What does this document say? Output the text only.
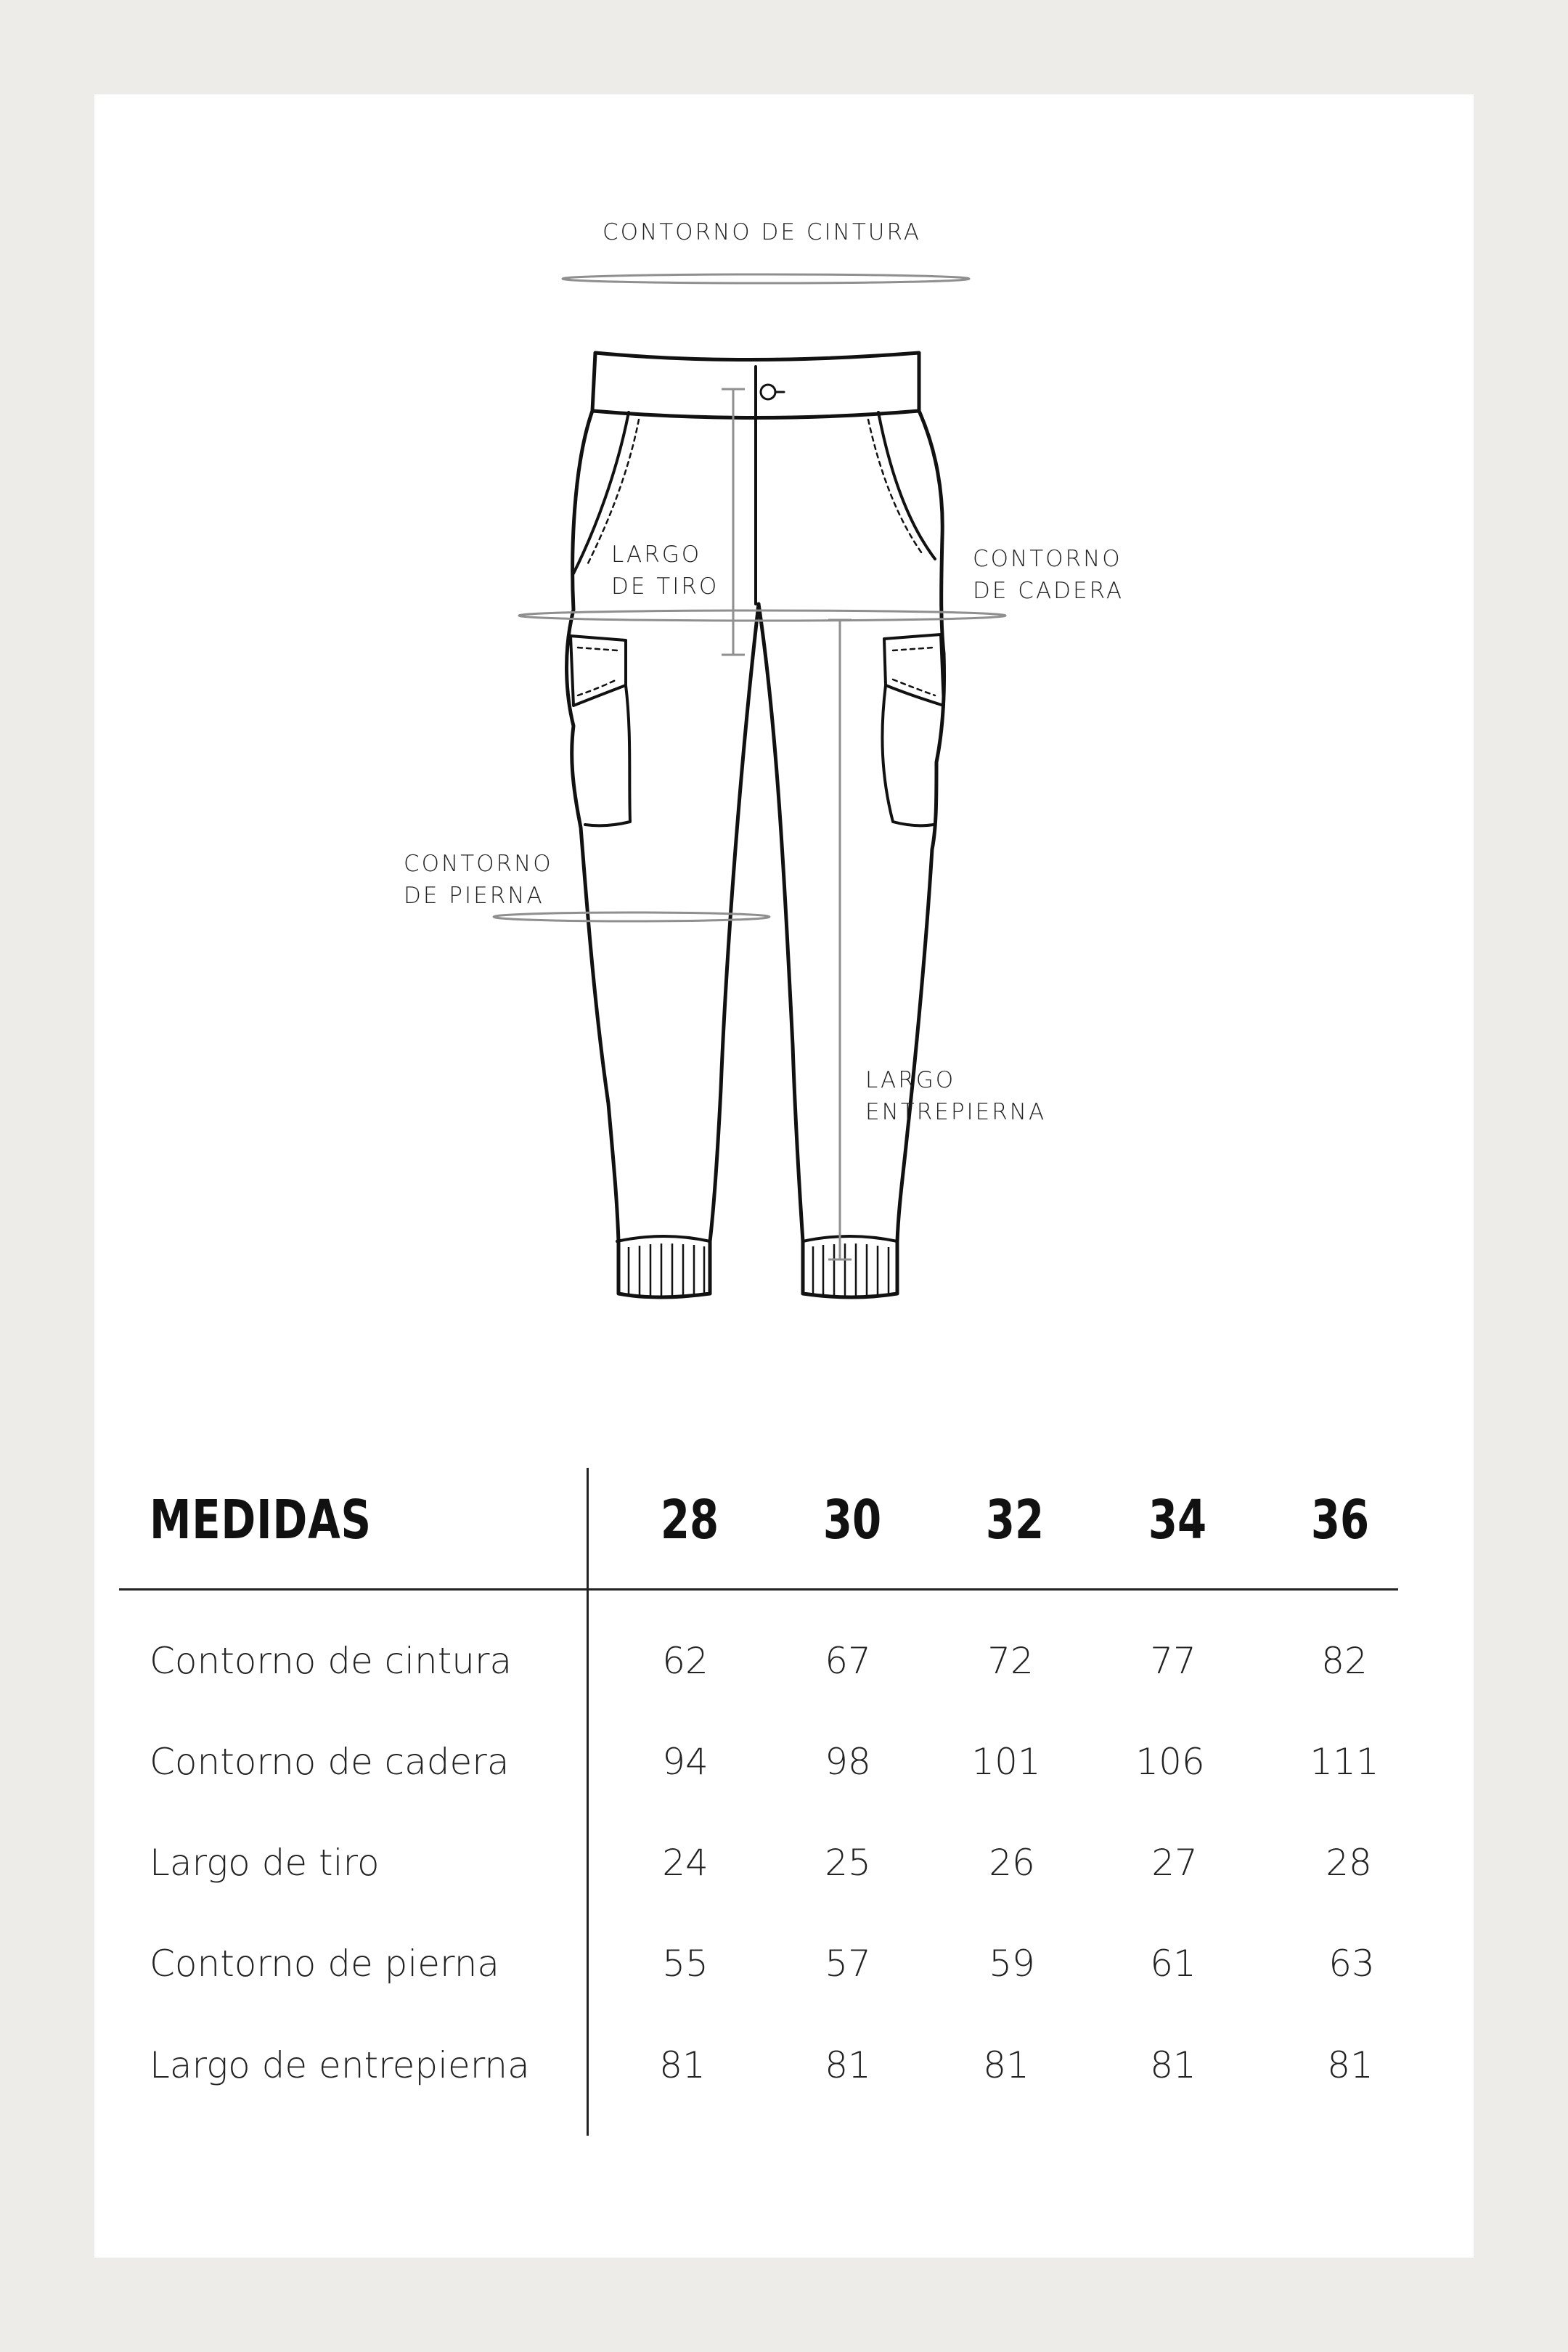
CONTORNO DE CINTURA
LARGO
DE TIRO
CONTORNO
DE CADERA
CONTORNO
DE PIERNA
LARGO
ENTREPIERNA
MEDIDAS	28	30	32	34	36
Contorno de cintura	62	67	72	77	82
Contorno de cadera	94	98	101	106	111
Largo de tiro	24	25	26	27	28
Contorno de pierna	55	57	59	61	63
Largo de entrepierna	81	81	81	81	81
